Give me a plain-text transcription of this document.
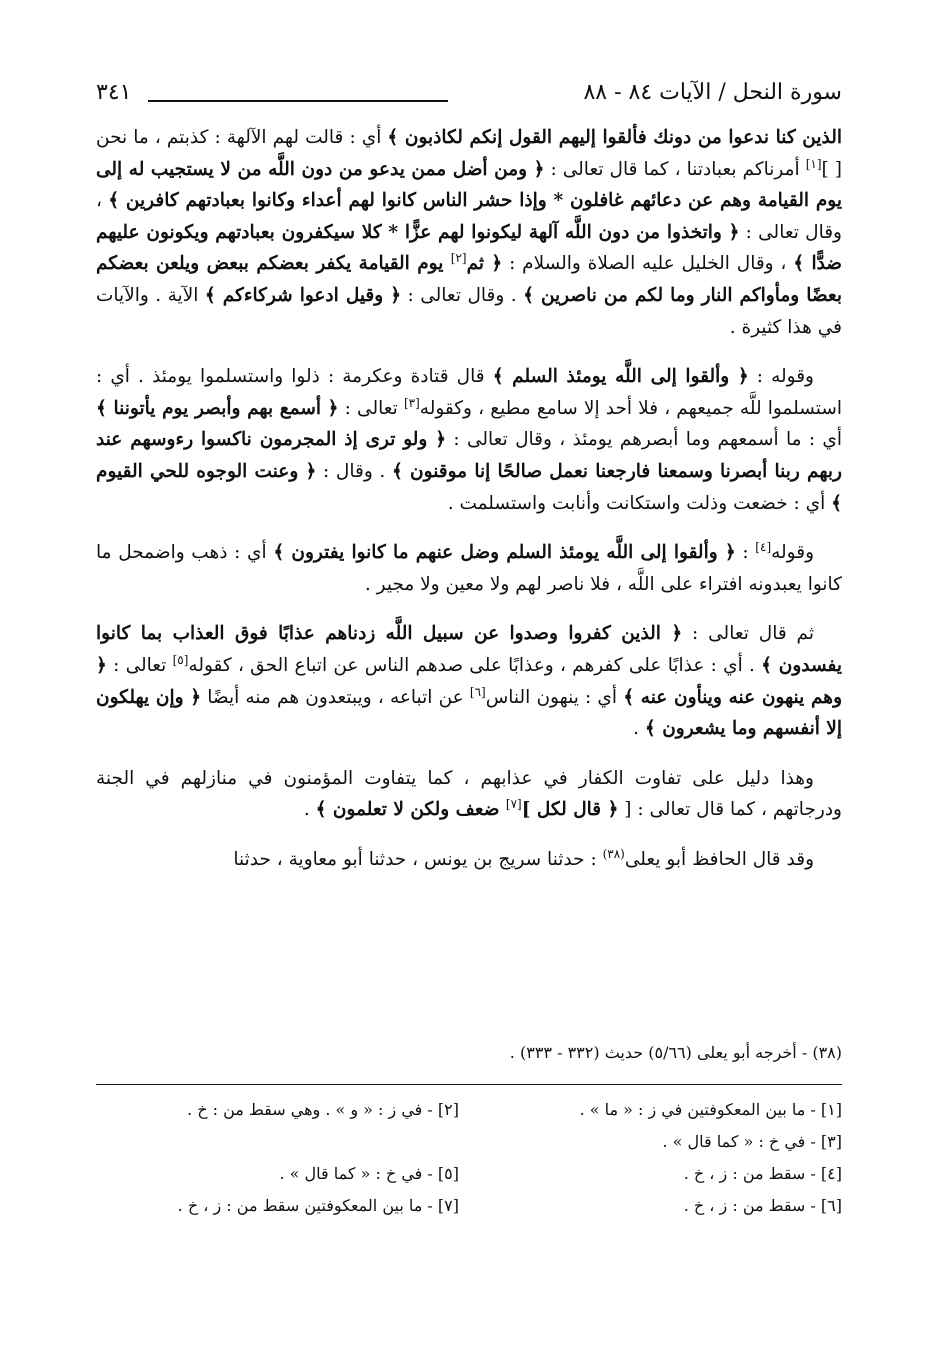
سورة النحل / الآيات ٨٤ - ٨٨
٣٤١

الذين كنا ندعوا من دونك فألقوا إليهم القول إنكم لكاذبون ﴾ أي : قالت لهم الآلهة : كذبتم ، ما نحن [ ][١] أمرناكم بعبادتنا ، كما قال تعالى : ﴿ ومن أضل ممن يدعو من دون اللَّه من لا يستجيب له إلى يوم القيامة وهم عن دعائهم غافلون * وإذا حشر الناس كانوا لهم أعداء وكانوا بعبادتهم كافرين ﴾ ، وقال تعالى : ﴿ واتخذوا من دون اللَّه آلهة ليكونوا لهم عزًّا * كلا سيكفرون بعبادتهم ويكونون عليهم ضدًّا ﴾ ، وقال الخليل عليه الصلاة والسلام : ﴿ ثم[٢] يوم القيامة يكفر بعضكم ببعض ويلعن بعضكم بعضًا ومأواكم النار وما لكم من ناصرين ﴾ . وقال تعالى : ﴿ وقيل ادعوا شركاءكم ﴾ الآية . والآيات في هذا كثيرة .

وقوله : ﴿ وألقوا إلى اللَّه يومئذ السلم ﴾ قال قتادة وعكرمة : ذلوا واستسلموا يومئذ . أي : استسلموا للَّه جميعهم ، فلا أحد إلا سامع مطيع ، وكقوله[٣] تعالى : ﴿ أسمع بهم وأبصر يوم يأتوننا ﴾ أي : ما أسمعهم وما أبصرهم يومئذ ، وقال تعالى : ﴿ ولو ترى إذ المجرمون ناكسوا رءوسهم عند ربهم ربنا أبصرنا وسمعنا فارجعنا نعمل صالحًا إنا موقنون ﴾ . وقال : ﴿ وعنت الوجوه للحي القيوم ﴾ أي : خضعت وذلت واستكانت وأنابت واستسلمت .

وقوله[٤] : ﴿ وألقوا إلى اللَّه يومئذ السلم وضل عنهم ما كانوا يفترون ﴾ أي : ذهب واضمحل ما كانوا يعبدونه افتراء على اللَّه ، فلا ناصر لهم ولا معين ولا مجير .

ثم قال تعالى : ﴿ الذين كفروا وصدوا عن سبيل اللَّه زدناهم عذابًا فوق العذاب بما كانوا يفسدون ﴾ . أي : عذابًا على كفرهم ، وعذابًا على صدهم الناس عن اتباع الحق ، كقوله[٥] تعالى : ﴿ وهم ينهون عنه وينأون عنه ﴾ أي : ينهون الناس[٦] عن اتباعه ، ويبتعدون هم منه أيضًا ﴿ وإن يهلكون إلا أنفسهم وما يشعرون ﴾ .

وهذا دليل على تفاوت الكفار في عذابهم ، كما يتفاوت المؤمنون في منازلهم في الجنة ودرجاتهم ، كما قال تعالى : [ ﴿ قال لكل ][٧] ضعف ولكن لا تعلمون ﴾ .

وقد قال الحافظ أبو يعلى$^{(٣٨)}$ : حدثنا سريج بن يونس ، حدثنا أبو معاوية ، حدثنا

(٣٨) - أخرجه أبو يعلى (٥/٦٦) حديث (٣٣٢ - ٣٣٣) .
[١] - ما بين المعكوفتين في ز : « ما » .
[٢] - في ز : « و » . وهي سقط من : خ .
[٣] - في خ : « كما قال » .
[٤] - سقط من : ز ، خ .
[٥] - في خ : « كما قال » .
[٦] - سقط من : ز ، خ .
[٧] - ما بين المعكوفتين سقط من : ز ، خ .
